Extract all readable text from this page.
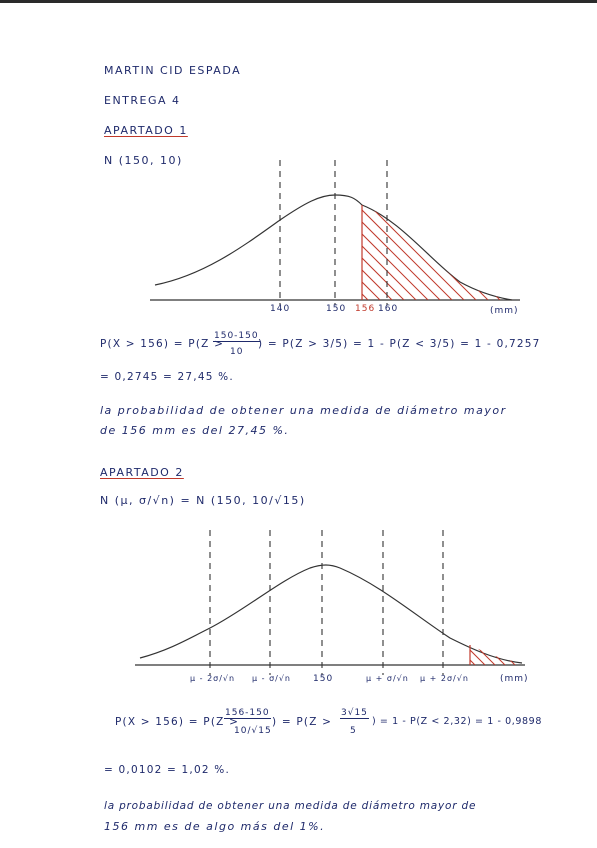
MARTIN CID ESPADA
ENTREGA 4
APARTADO 1
N (150, 10)
140	150 156 160	(mm)
P(X > 156) = P(Z >
150-150
10
) = P(Z > 3/5) = 1 - P(Z < 3/5) = 1 - 0,7257
= 0,2745 = 27,45 %.
la probabilidad de obtener una medida de diámetro mayor
de 156 mm es del 27,45 %.
APARTADO 2
N (μ, σ/√n) = N (150, 10/√15)
μ - 2σ/√n μ - σ/√n 150	μ + σ/√n μ + 2σ/√n	(mm)
P(X > 156) = P(Z >
156-150
10/√15
) = P(Z >
3√15
5
) = 1 - P(Z < 2,32) = 1 - 0,9898
= 0,0102 = 1,02 %.
la probabilidad de obtener una medida de diámetro mayor de
156 mm es de algo más del 1%.
